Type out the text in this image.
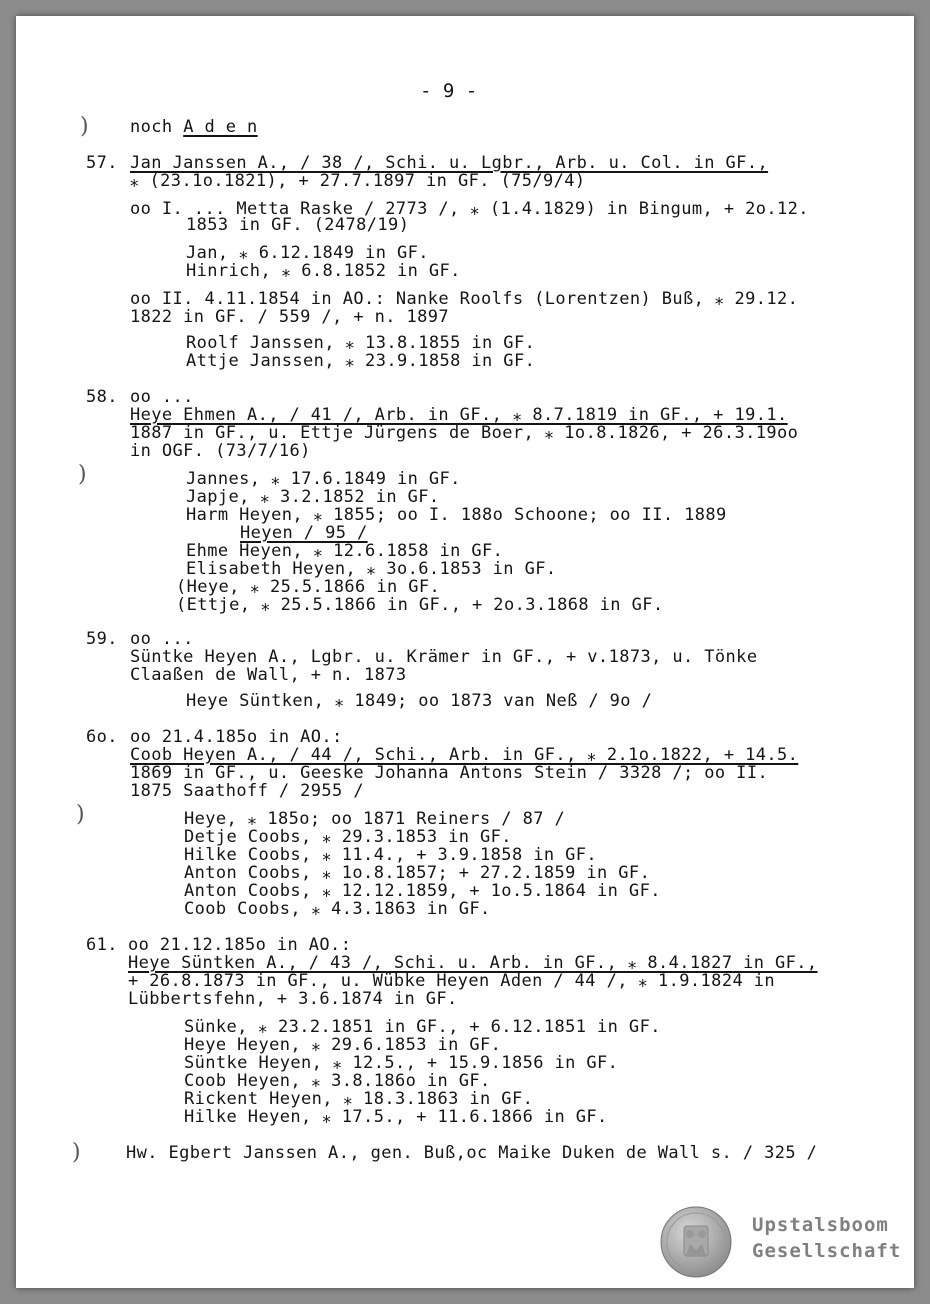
- 9 -
) noch A d e n
57. Jan Janssen A., / 38 /, Schi. u. Lgbr., Arb. u. Col. in GF.,
⁎ (23.1o.1821), + 27.7.1897 in GF. (75/9/4)
oo I. ... Metta Raske / 2773 /, ⁎ (1.4.1829) in Bingum, + 2o.12.
1853 in GF. (2478/19)
Jan, ⁎ 6.12.1849 in GF.
Hinrich, ⁎ 6.8.1852 in GF.
oo II. 4.11.1854 in AO.: Nanke Roolfs (Lorentzen) Buß, ⁎ 29.12.
1822 in GF. / 559 /, + n. 1897
Roolf Janssen, ⁎ 13.8.1855 in GF.
Attje Janssen, ⁎ 23.9.1858 in GF.
58. oo ...
Heye Ehmen A., / 41 /, Arb. in GF., ⁎ 8.7.1819 in GF., + 19.1.
1887 in GF., u. Ettje Jürgens de Boer, ⁎ 1o.8.1826, + 26.3.19oo
in OGF. (73/7/16)
)	Jannes, ⁎ 17.6.1849 in GF.
Japje, ⁎ 3.2.1852 in GF.
Harm Heyen, ⁎ 1855; oo I. 188o Schoone; oo II. 1889
Heyen / 95 /
Ehme Heyen, ⁎ 12.6.1858 in GF.
Elisabeth Heyen, ⁎ 3o.6.1853 in GF.
(Heye, ⁎ 25.5.1866 in GF.
(Ettje, ⁎ 25.5.1866 in GF., + 2o.3.1868 in GF.
59. oo ...
Süntke Heyen A., Lgbr. u. Krämer in GF., + v.1873, u. Tönke
Claaßen de Wall, + n. 1873
Heye Süntken, ⁎ 1849; oo 1873 van Neß / 9o /
6o. oo 21.4.185o in AO.:
Coob Heyen A., / 44 /, Schi., Arb. in GF., ⁎ 2.1o.1822, + 14.5.
1869 in GF., u. Geeske Johanna Antons Stein / 3328 /; oo II.
1875 Saathoff / 2955 /
)	Heye, ⁎ 185o; oo 1871 Reiners / 87 /
Detje Coobs, ⁎ 29.3.1853 in GF.
Hilke Coobs, ⁎ 11.4., + 3.9.1858 in GF.
Anton Coobs, ⁎ 1o.8.1857; + 27.2.1859 in GF.
Anton Coobs, ⁎ 12.12.1859, + 1o.5.1864 in GF.
Coob Coobs, ⁎ 4.3.1863 in GF.
61. oo 21.12.185o in AO.:
Heye Süntken A., / 43 /, Schi. u. Arb. in GF., ⁎ 8.4.1827 in GF.,
+ 26.8.1873 in GF., u. Wübke Heyen Aden / 44 /, ⁎ 1.9.1824 in
Lübbertsfehn, + 3.6.1874 in GF.
Sünke, ⁎ 23.2.1851 in GF., + 6.12.1851 in GF.
Heye Heyen, ⁎ 29.6.1853 in GF.
Süntke Heyen, ⁎ 12.5., + 15.9.1856 in GF.
Coob Heyen, ⁎ 3.8.186o in GF.
Rickent Heyen, ⁎ 18.3.1863 in GF.
Hilke Heyen, ⁎ 17.5., + 11.6.1866 in GF.
)	Hw. Egbert Janssen A., gen. Buß,oc Maike Duken de Wall s. / 325 /
Upstalsboom
Gesellschaft
